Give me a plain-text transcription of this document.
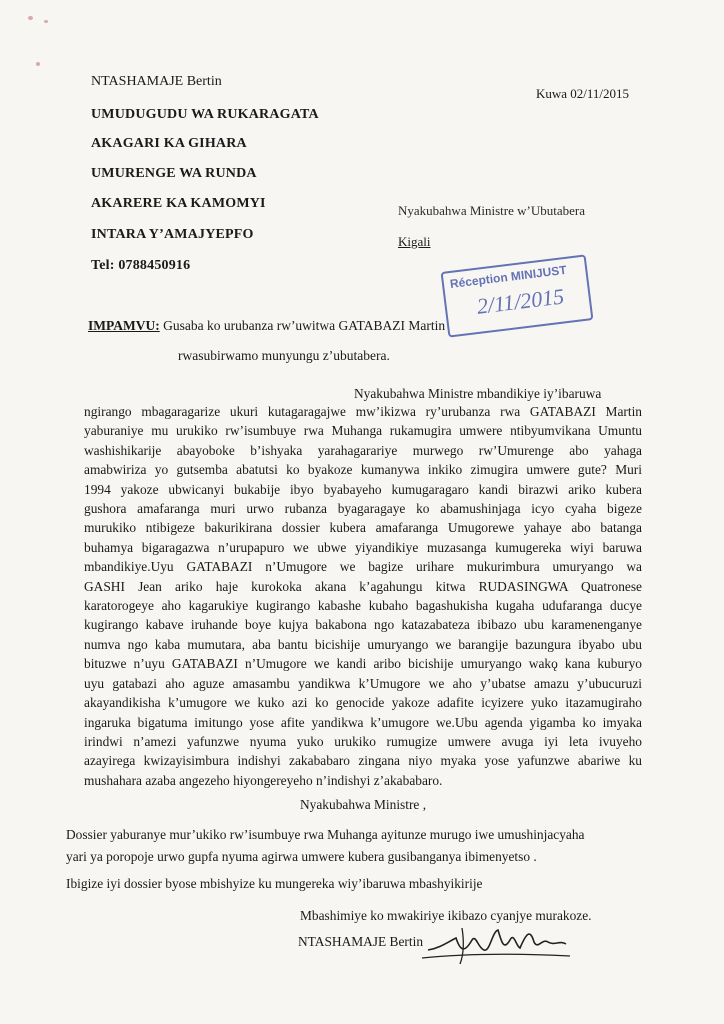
NTASHAMAJE Bertin
UMUDUGUDU WA RUKARAGATA
AKAGARI KA GIHARA
UMURENGE WA RUNDA
AKARERE KA KAMOMYI
INTARA Y’AMAJYEPFO
Tel: 0788450916
Kuwa 02/11/2015
Nyakubahwa Ministre w’Ubutabera
Kigali
Réception MINIJUST
2/11/2015
IMPAMVU: Gusaba ko urubanza rw’uwitwa GATABAZI Martin
rwasubirwamo munyungu z’ubutabera.
Nyakubahwa Ministre mbandikiye iy’ibaruwa
ngirango mbagaragarize ukuri kutagaragajwe mw’ikizwa ry’urubanza rwa GATABAZI Martin
yaburaniye mu urukiko rw’isumbuye rwa Muhanga rukamugira umwere ntibyumvikana Umuntu
washishikarije abayoboke b’ishyaka yarahagarariye murwego rw’Umurenge abo yahaga
amabwiriza yo gutsemba abatutsi ko byakoze kumanywa inkiko zimugira umwere gute? Muri
1994 yakoze ubwicanyi bukabije ibyo byabayeho kumugaragaro kandi birazwi ariko kubera
gushora amafaranga muri urwo rubanza byagaragaye ko abamushinjaga icyo cyaha bigeze
murukiko ntibigeze bakurikirana dossier kubera amafaranga Umugorewe yahaye abo batanga
buhamya bigaragazwa n’urupapuro we ubwe yiyandikiye muzasanga kumugereka wiyi baruwa
mbandikiye.Uyu GATABAZI n’Umugore we bagize urihare mukurimbura umuryango wa
GASHI Jean ariko haje kurokoka akana k’agahungu kitwa RUDASINGWA Quatronese
karatorogeye aho kagarukiye kugirango kabashe kubaho bagashukisha kugaha udufaranga ducye
kugirango kabave iruhande boye kujya bakabona ngo katazabateza ibibazo ubu karamenenganye
numva ngo kaba mumutara, aba bantu bicishije umuryango we barangije bazungura ibyabo ubu
bituzwe n’uyu GATABAZI n’Umugore we kandi aribo bicishije umuryango wakǫ kana kuburyo
uyu gatabazi aho aguze amasambu yandikwa k’Umugore we aho y’ubatse amazu y’ubucuruzi
akayandikisha k’umugore we kuko azi ko genocide yakoze adafite icyizere yuko itazamugiraho
ingaruka bigatuma imitungo yose afite yandikwa k’umugore we.Ubu agenda yigamba ko imyaka
irindwi n’amezi yafunzwe nyuma yuko urukiko rumugize umwere avuga iyi leta ivuyeho
azayirega kwizayisimbura indishyi zakababaro zingana niyo myaka yose yafunzwe abariwe ku
mushahara azaba angezeho hiyongereyeho n’indishyi z’akababaro.
Nyakubahwa Ministre ,
Dossier yaburanye mur’ukiko rw’isumbuye rwa Muhanga ayitunze murugo iwe umushinjacyaha
yari ya poropoje urwo gupfa nyuma agirwa umwere kubera gusibanganya ibimenyetso .
Ibigize iyi dossier byose mbishyize ku mungereka wiy’ibaruwa mbashyikirije
Mbashimiye ko mwakiriye ikibazo cyanjye murakoze.
NTASHAMAJE Bertin
